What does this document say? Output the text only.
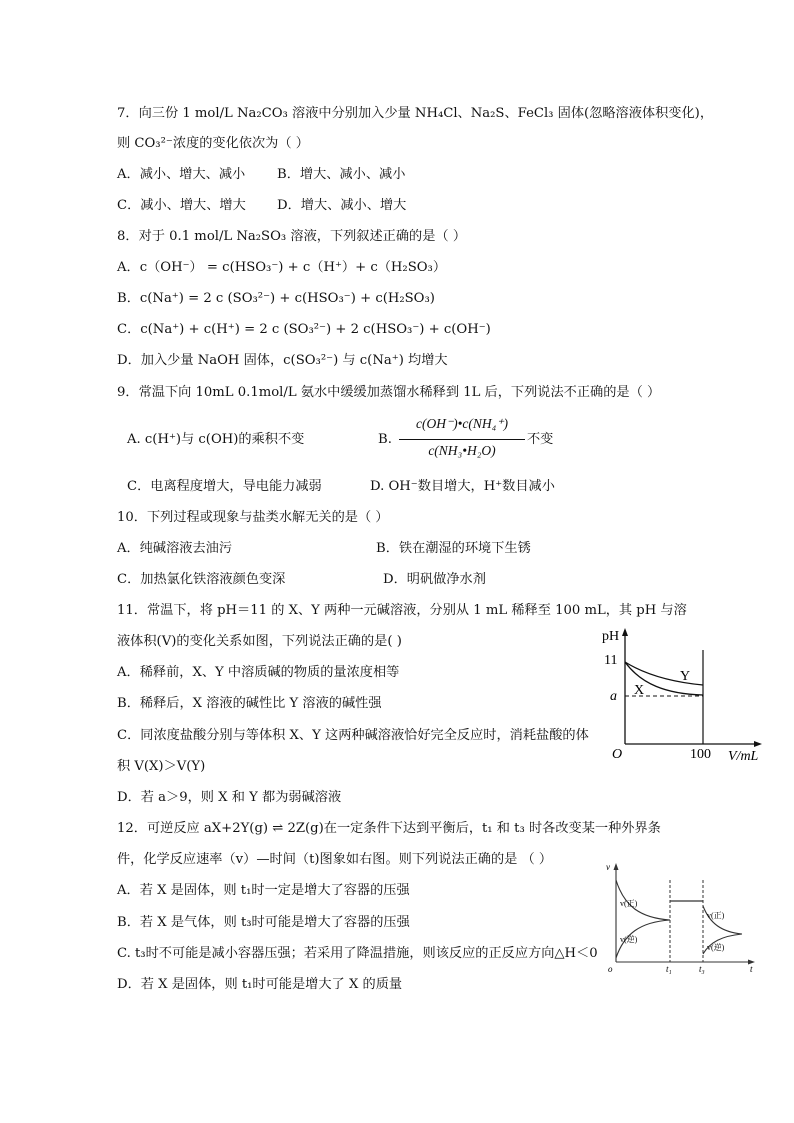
7．向三份 1 mol/L Na₂CO₃ 溶液中分别加入少量 NH₄Cl、Na₂S、FeCl₃ 固体(忽略溶液体积变化)，
则 CO₃²⁻浓度的变化依次为（ ）
A．减小、增大、减小 B．增大、减小、减小
C．减小、增大、增大 D．增大、减小、增大
8．对于 0.1 mol/L Na₂SO₃ 溶液，下列叙述正确的是（ ）
A．c（OH⁻） = c(HSO₃⁻) + c（H⁺）+ c（H₂SO₃）
B．c(Na⁺) = 2 c (SO₃²⁻) + c(HSO₃⁻) + c(H₂SO₃)
C．c(Na⁺) + c(H⁺) = 2 c (SO₃²⁻) + 2 c(HSO₃⁻) + c(OH⁻)
D．加入少量 NaOH 固体，c(SO₃²⁻) 与 c(Na⁺) 均增大
9．常温下向 10mL 0.1mol/L 氨水中缓缓加蒸馏水稀释到 1L 后，下列说法不正确的是（ ）
A. c(H⁺)与 c(OH)的乘积不变	B.
c(OH⁻)•c(NH₄⁺)
c(NH₃•H₂O)
不变
C．电离程度增大，导电能力减弱	D. OH⁻数目增大，H⁺数目减小
10．下列过程或现象与盐类水解无关的是（ ）
A．纯碱溶液去油污	B．铁在潮湿的环境下生锈
C．加热氯化铁溶液颜色变深	D．明矾做净水剂
11．常温下，将 pH＝11 的 X、Y 两种一元碱溶液，分别从 1 mL 稀释至 100 mL，其 pH 与溶
液体积(V)的变化关系如图，下列说法正确的是( )
A．稀释前，X、Y 中溶质碱的物质的量浓度相等
B．稀释后，X 溶液的碱性比 Y 溶液的碱性强
C．同浓度盐酸分别与等体积 X、Y 这两种碱溶液恰好完全反应时，消耗盐酸的体
积 V(X)＞V(Y)
D．若 a＞9，则 X 和 Y 都为弱碱溶液
pH
11
a X
Y
O	100 V/mL
12．可逆反应 aX+2Y(g) ⇌ 2Z(g)在一定条件下达到平衡后，t₁ 和 t₃ 时各改变某一种外界条
件，化学反应速率（v）—时间（t)图象如右图。则下列说法正确的是 （ ）
A．若 X 是固体，则 t₁时一定是增大了容器的压强
B．若 X 是气体，则 t₃时可能是增大了容器的压强
C. t₃时不可能是减小容器压强；若采用了降温措施，则该反应的正反应方向△H＜0
D．若 X 是固体，则 t₁时可能是增大了 X 的质量
v
v(正)
v(逆)
v(正)
v(逆)
o	t₁	t₃	t
